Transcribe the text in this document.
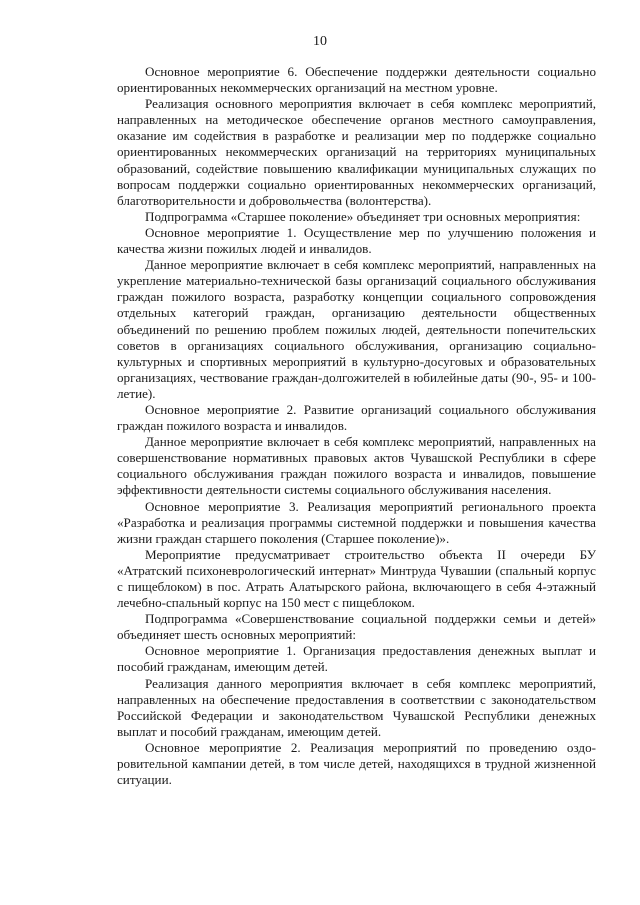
10

Основное мероприятие 6. Обеспечение поддержки деятельности социально ориентированных некоммерческих организаций на местном уровне.

Реализация основного мероприятия включает в себя комплекс мероприятий, направленных на методическое обеспечение органов местного самоуправления, оказание им содействия в разработке и реализации мер по поддержке социально ориентированных некоммерческих организаций на территориях муниципальных образований, содействие повышению квалификации муниципальных служащих по вопросам поддержки социально ориентированных некоммерческих организаций, благотворительности и добровольчества (волонтерства).

Подпрограмма «Старшее поколение» объединяет три основных мероприятия:

Основное мероприятие 1. Осуществление мер по улучшению положения и качества жизни пожилых людей и инвалидов.

Данное мероприятие включает в себя комплекс мероприятий, направленных на укрепление материально-технической базы организаций социального обслуживания граждан пожилого возраста, разработку концепции социального сопровождения отдельных категорий граждан, организацию деятельности общественных объединений по решению проблем пожилых людей, деятельности попечительских советов в организациях социального обслуживания, организацию социально-культурных и спортивных мероприятий в культурно-досуговых и образовательных организациях, чествование граждан-долгожителей в юбилейные даты (90-, 95- и 100-летие).

Основное мероприятие 2. Развитие организаций социального обслуживания граждан пожилого возраста и инвалидов.

Данное мероприятие включает в себя комплекс мероприятий, направленных на совершенствование нормативных правовых актов Чувашской Республики в сфере социального обслуживания граждан пожилого возраста и инвалидов, повышение эффективности деятельности системы социального обслуживания населения.

Основное мероприятие 3. Реализация мероприятий регионального проекта «Разработка и реализация программы системной поддержки и повышения качества жизни граждан старшего поколения (Старшее поколение)».

Мероприятие предусматривает строительство объекта II очереди БУ «Атратский психоневрологический интернат» Минтруда Чувашии (спальный корпус с пищеблоком) в пос. Атрать Алатырского района, включающего в себя 4-этажный лечебно-спальный корпус на 150 мест с пищеблоком.

Подпрограмма «Совершенствование социальной поддержки семьи и детей» объединяет шесть основных мероприятий:

Основное мероприятие 1. Организация предоставления денежных выплат и пособий гражданам, имеющим детей.

Реализация данного мероприятия включает в себя комплекс мероприятий, направленных на обеспечение предоставления в соответствии с законодательством Российской Федерации и законодательством Чувашской Республики денежных выплат и пособий гражданам, имеющим детей.

Основное мероприятие 2. Реализация мероприятий по проведению оздоровительной кампании детей, в том числе детей, находящихся в трудной жизненной ситуации.
